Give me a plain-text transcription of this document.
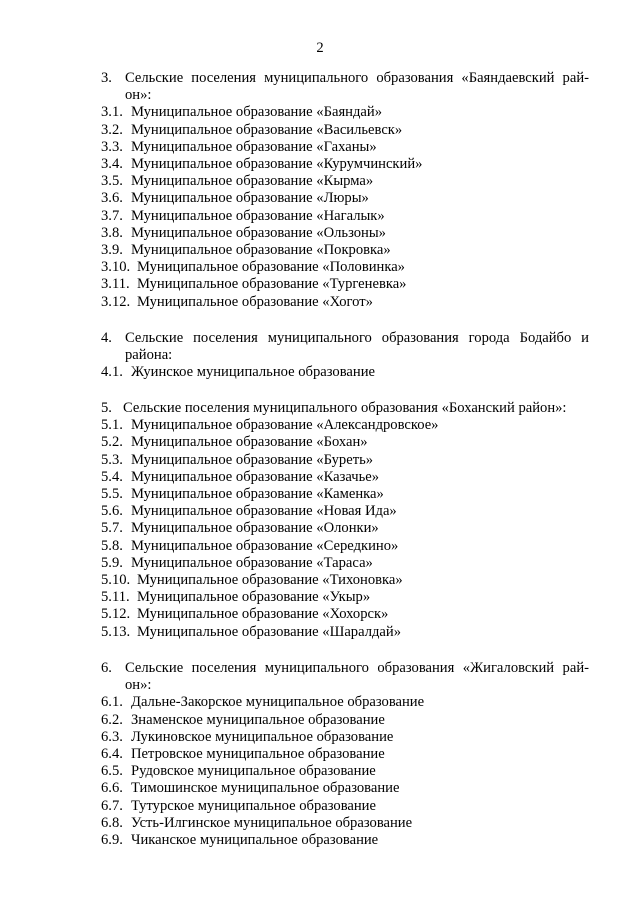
2
3. Сельские поселения муниципального образования «Баяндаевский рай-
он»:
3.1. Муниципальное образование «Баяндай»
3.2. Муниципальное образование «Васильевск»
3.3. Муниципальное образование «Гаханы»
3.4. Муниципальное образование «Курумчинский»
3.5. Муниципальное образование «Кырма»
3.6. Муниципальное образование «Люры»
3.7. Муниципальное образование «Нагалык»
3.8. Муниципальное образование «Ользоны»
3.9. Муниципальное образование «Покровка»
3.10. Муниципальное образование «Половинка»
3.11. Муниципальное образование «Тургеневка»
3.12. Муниципальное образование «Хогот»
4. Сельские поселения муниципального образования города Бодайбо и
района:
4.1. Жуинское муниципальное образование
5. Сельские поселения муниципального образования «Боханский район»:
5.1. Муниципальное образование «Александровское»
5.2. Муниципальное образование «Бохан»
5.3. Муниципальное образование «Буреть»
5.4. Муниципальное образование «Казачье»
5.5. Муниципальное образование «Каменка»
5.6. Муниципальное образование «Новая Ида»
5.7. Муниципальное образование «Олонки»
5.8. Муниципальное образование «Середкино»
5.9. Муниципальное образование «Тараса»
5.10. Муниципальное образование «Тихоновка»
5.11. Муниципальное образование «Укыр»
5.12. Муниципальное образование «Хохорск»
5.13. Муниципальное образование «Шаралдай»
6. Сельские поселения муниципального образования «Жигаловский рай-
он»:
6.1. Дальне-Закорское муниципальное образование
6.2. Знаменское муниципальное образование
6.3. Лукиновское муниципальное образование
6.4. Петровское муниципальное образование
6.5. Рудовское муниципальное образование
6.6. Тимошинское муниципальное образование
6.7. Тутурское муниципальное образование
6.8. Усть-Илгинское муниципальное образование
6.9. Чиканское муниципальное образование
